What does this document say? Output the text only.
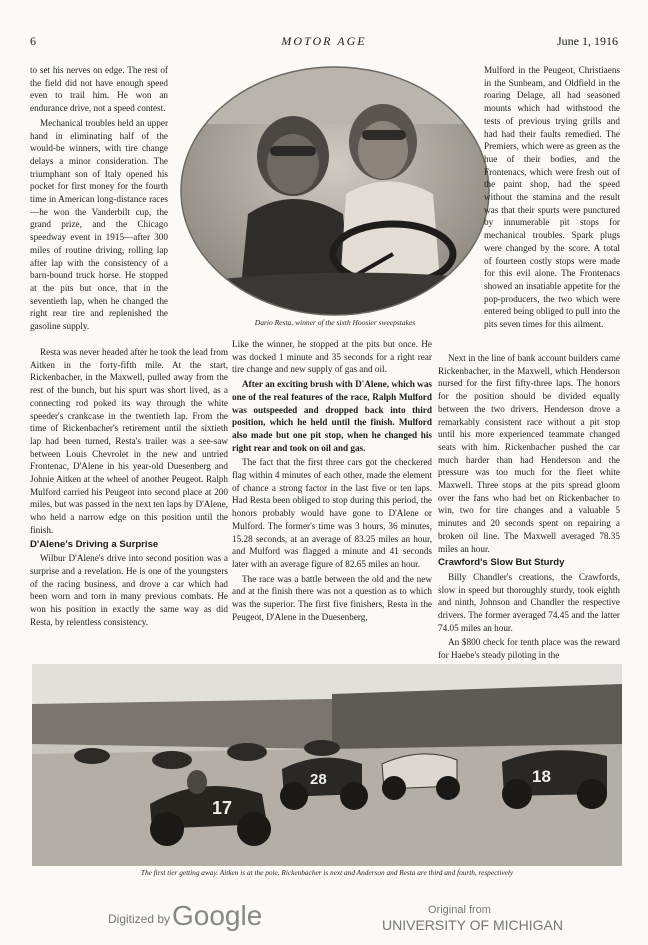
6	MOTOR AGE	June 1, 1916

to set his nerves on edge. The rest of the field did not have enough speed even to trail him. He won an endurance drive, not a speed contest.

Mechanical troubles held an upper hand in eliminating half of the would-be winners, with tire change delays a minor consideration. The triumphant son of Italy opened his pocket for first money for the fourth time in American long-distance races—he won the Vanderbilt cup, the grand prize, and the Chicago speedway event in 1915—after 300 miles of routine driving, rolling lap after lap with the consistency of a barn-bound truck horse. He stopped at the pits but once, that in the seventieth lap, when he changed the right rear tire and replenished the gasoline supply.

Resta was never headed after he took the lead from Aitken in the forty-fifth mile. At the start, Rickenbacher, in the Maxwell, pulled away from the rest of the bunch, but his spurt was short lived, as a connecting rod poked its way through the white speeder's crankcase in the twentieth lap. From the time of Rickenbacher's retirement until the sixtieth lap had been turned, Resta's trailer was a see-saw between Louis Chevrolet in the new and untried Frontenac, D'Alene in his year-old Duesenberg and Johnie Aitken at the wheel of another Peugeot. Ralph Mulford carried his Peugeot into second place at 200 miles, but was passed in the next ten laps by D'Alene, who held a narrow edge on this position until the finish.

D'Alene's Driving a Surprise

Wilbur D'Alene's drive into second position was a surprise and a revelation. He is one of the youngsters of the racing business, and drove a car which had been worn and torn in many previous combats. He won his position in exactly the same way as did Resta, by relentless consistency.

Dario Resta, winner of the sixth Hoosier sweepstakes

Like the winner, he stopped at the pits but once. He was docked 1 minute and 35 seconds for a right rear tire change and new supply of gas and oil.

After an exciting brush with D'Alene, which was one of the real features of the race, Ralph Mulford was outspeeded and dropped back into third position, which he held until the finish. Mulford also made but one pit stop, when he changed his right rear and took on oil and gas.

The fact that the first three cars got the checkered flag within 4 minutes of each other, made the element of chance a strong factor in the last five or ten laps. Had Resta been obliged to stop during this period, the honors probably would have gone to D'Alene or Mulford. The former's time was 3 hours, 36 minutes, 15.28 seconds, at an average of 83.25 miles an hour, and Mulford was flagged a minute and 41 seconds later with an average figure of 82.65 miles an hour.

The race was a battle between the old and the new and at the finish there was not a question as to which was the superior. The first five finishers, Resta in the Peugeot, D'Alene in the Duesenberg,

Mulford in the Peugeot, Christiaens in the Sunbeam, and Oldfield in the roaring Delage, all had seasoned mounts which had withstood the tests of previous trying grills and had had their faults remedied. The Premiers, which were as green as the hue of their bodies, and the Frontenacs, which were fresh out of the paint shop, had the speed without the stamina and the result was that their spurts were punctured by innumerable pit stops for mechanical troubles. Spark plugs were changed by the score. A total of fourteen costly stops were made for this evil alone. The Frontenacs showed an insatiable appetite for the pop-producers, the two which were entered being obliged to pull into the pits seven times for this ailment.

Next in the line of bank account builders came Rickenbacher, in the Maxwell, which Henderson nursed for the first fifty-three laps. The honors for the position should be divided equally between the two drivers. Henderson drove a remarkably consistent race without a pit stop until his more experienced teammate changed seats with him. Rickenbacher pushed the car much harder than had Henderson and the pressure was too much for the fleet white Maxwell. Three stops at the pits spread gloom over the fans who had bet on Rickenbacher to win, two for tire changes and a valuable 5 minutes and 20 seconds spent on repairing a broken oil line. The Maxwell averaged 78.35 miles an hour.

Crawford's Slow But Sturdy

Billy Chandler's creations, the Crawfords, slow in speed but thoroughly sturdy, took eighth and ninth, Johnson and Chandler the respective drivers. The former averaged 74.45 and the latter 74.05 miles an hour.

An $800 check for tenth place was the reward for Haebe's steady piloting in the

17
28	18
The first tier getting away. Aitken is at the pole, Rickenbacher is next and Anderson and Resta are third and fourth, respectively
Digitized by Google	Original from
UNIVERSITY OF MICHIGAN
